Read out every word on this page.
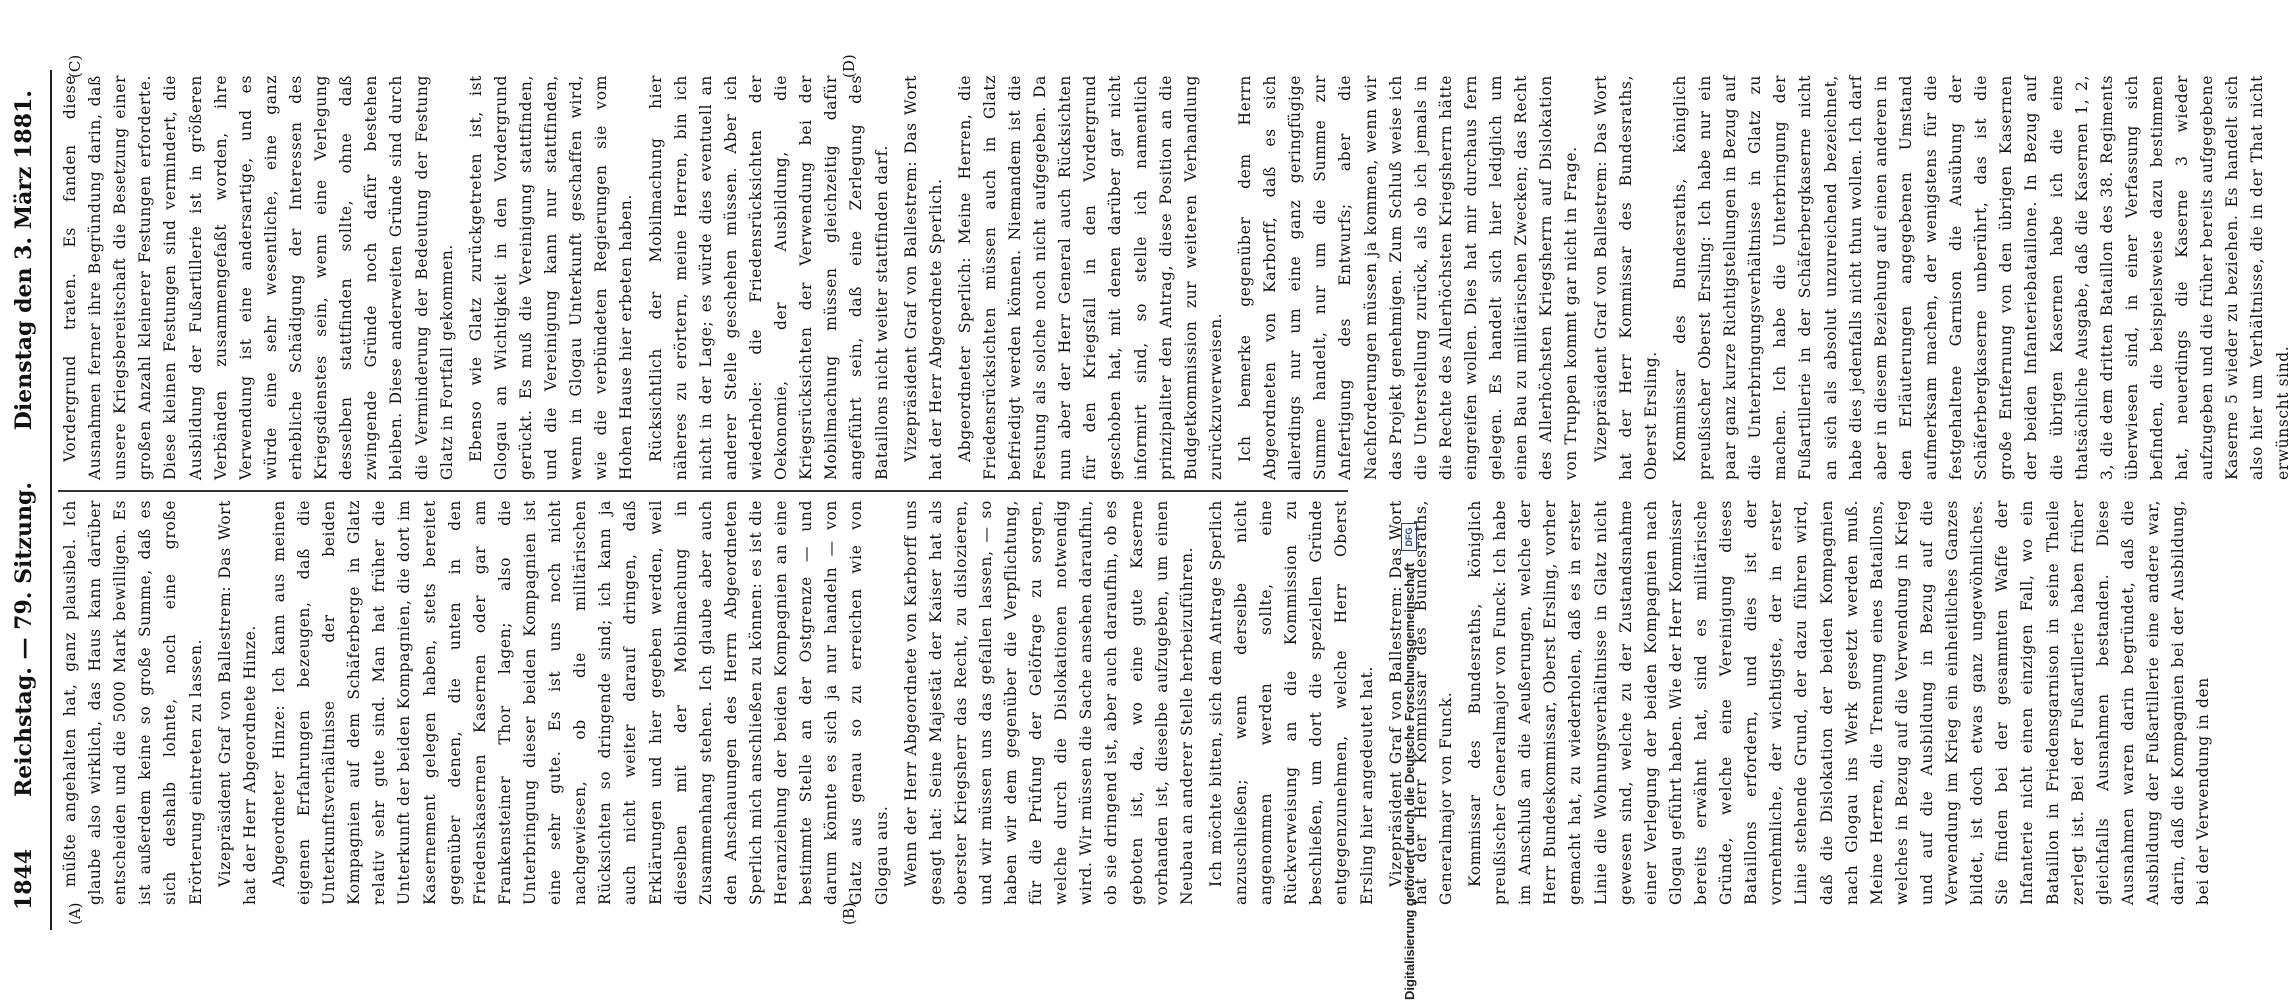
1844
Reichstag. — 79. Sitzung.
Dienstag den 3. März 1881.
(A)	(B)
(C)	(D)

müßte angehalten hat, ganz plausibel. Ich glaube also wirklich, das Haus kann darüber entscheiden und die 5000 Mark bewilligen. Es ist außerdem keine so große Summe, daß es sich deshalb lohnte, noch eine große Erörterung eintreten zu lassen. Vizepräsident Graf von Ballestrem: Das Wort hat der Herr Abgeordnete Hinze. Abgeordneter Hinze: Ich kann aus meinen eigenen Erfahrungen bezeugen, daß die Unterkunftsverhältnisse der beiden Kompagnien auf dem Schäferberge in Glatz relativ sehr gute sind. Man hat früher die Unterkunft der beiden Kompagnien, die dort im Kasernement gelegen haben, stets bereitet gegenüber denen, die unten in den Friedenskasernen Kasernen oder gar am Frankensteiner Thor lagen; also die Unterbringung dieser beiden Kompagnien ist eine sehr gute. Es ist uns noch nicht nachgewiesen, ob die militärischen Rücksichten so dringende sind; ich kann ja auch nicht weiter darauf dringen, daß Erklärungen und hier gegeben werden, weil dieselben mit der Mobilmachung in Zusammenhang stehen. Ich glaube aber auch den Anschauungen des Herrn Abgeordneten Sperlich mich anschließen zu können: es ist die Heranziehung der beiden Kompagnien an eine bestimmte Stelle an der Ostgrenze — und darum könnte es sich ja nur handeln — von Glatz aus genau so zu erreichen wie von Glogau aus. Wenn der Herr Abgeordnete von Karborff uns gesagt hat: Seine Majestät der Kaiser hat als oberster Kriegsherr das Recht, zu dislozieren, und wir müssen uns das gefallen lassen, — so haben wir dem gegenüber die Verpflichtung, für die Prüfung der Gelöfrage zu sorgen, welche durch die Dislokationen notwendig wird. Wir müssen die Sache ansehen daraufhin, ob sie dringend ist, aber auch daraufhin, ob es geboten ist, da, wo eine gute Kaserne vorhanden ist, dieselbe aufzugeben, um einen Neubau an anderer Stelle herbeizuführen. Ich möchte bitten, sich dem Antrage Sperlich anzuschließen; wenn derselbe nicht angenommen werden sollte, eine Rückverweisung an die Kommission zu beschließen, um dort die speziellen Gründe entgegenzunehmen, welche Herr Oberst Ersling hier angedeutet hat. Vizepräsident Graf von Ballestrem: Das Wort hat der Herr Kommissar des Bundesraths, Generalmajor von Funck. Kommissar des Bundesraths, königlich preußischer Generalmajor von Funck: Ich habe im Anschluß an die Aeußerungen, welche der Herr Bundeskommissar, Oberst Ersling, vorher gemacht hat, zu wiederholen, daß es in erster Linie die Wohnungsverhältnisse in Glatz nicht gewesen sind, welche zu der Zustandsnahme einer Verlegung der beiden Kompagnien nach Glogau geführt haben. Wie der Herr Kommissar bereits erwähnt hat, sind es militärische Gründe, welche eine Vereinigung dieses Bataillons erfordern, und dies ist der vornehmliche, der wichtigste, der in erster Linie stehende Grund, der dazu führen wird, daß die Dislokation der beiden Kompagnien nach Glogau ins Werk gesetzt werden muß. Meine Herren, die Trennung eines Bataillons, welches in Bezug auf die Verwendung in Krieg und auf die Ausbildung in Bezug auf die Verwendung im Krieg ein einheitliches Ganzes bildet, ist doch etwas ganz ungewöhnliches. Sie finden bei der gesammten Waffe der Infanterie nicht einen einzigen Fall, wo ein Bataillon in Friedensgarnison in seine Theile zerlegt ist. Bei der Fußartillerie haben früher gleichfalls Ausnahmen bestanden. Diese Ausnahmen waren darin begründet, daß die Ausbildung der Fußartillerie eine andere war, darin, daß die Kompagnien bei der Ausbildung, bei der Verwendung in den

Vordergrund traten. Es fanden diese Ausnahmen ferner ihre Begründung darin, daß unsere Kriegsbereitschaft die Besetzung einer großen Anzahl kleinerer Festungen erforderte. Diese kleinen Festungen sind vermindert, die Ausbildung der Fußartillerie ist in größeren Verbänden zusammengefaßt worden, ihre Verwendung ist eine andersartige, und es würde eine sehr wesentliche, eine ganz erhebliche Schädigung der Interessen des Kriegsdienstes sein, wenn eine Verlegung desselben stattfinden sollte, ohne daß zwingende Gründe noch dafür bestehen bleiben. Diese anderweiten Gründe sind durch die Verminderung der Bedeutung der Festung Glatz in Fortfall gekommen. Ebenso wie Glatz zurückgetreten ist, ist Glogau an Wichtigkeit in den Vordergrund gerückt. Es muß die Vereinigung stattfinden, und die Vereinigung kann nur stattfinden, wenn in Glogau Unterkunft geschaffen wird, wie die verbündeten Regierungen sie vom Hohen Hause hier erbeten haben. Rücksichtlich der Mobilmachung hier näheres zu erörtern, meine Herren, bin ich nicht in der Lage; es würde dies eventuell an anderer Stelle geschehen müssen. Aber ich wiederhole: die Friedensrücksichten der Oekonomie, der Ausbildung, die Kriegsrücksichten der Verwendung bei der Mobilmachung müssen gleichzeitig dafür angeführt sein, daß eine Zerlegung des Bataillons nicht weiter stattfinden darf. Vizepräsident Graf von Ballestrem: Das Wort hat der Herr Abgeordnete Sperlich. Abgeordneter Sperlich: Meine Herren, die Friedensrücksichten müssen auch in Glatz befriedigt werden können. Niemandem ist die Festung als solche noch nicht aufgegeben. Da nun aber der Herr General auch Rücksichten für den Kriegsfall in den Vordergrund geschoben hat, mit denen darüber gar nicht informirt sind, so stelle ich namentlich prinzipaliter den Antrag, diese Position an die Budgetkommission zur weiteren Verhandlung zurückzuverweisen. Ich bemerke gegenüber dem Herrn Abgeordneten von Karborff, daß es sich allerdings nur um eine ganz geringfügige Summe handelt, nur um die Summe zur Anfertigung des Entwurfs; aber die Nachforderungen müssen ja kommen, wenn wir das Projekt genehmigen. Zum Schluß weise ich die Unterstellung zurück, als ob ich jemals in die Rechte des Allerhöchsten Kriegsherrn hätte eingreifen wollen. Dies hat mir durchaus fern gelegen. Es handelt sich hier lediglich um einen Bau zu militärischen Zwecken; das Recht des Allerhöchsten Kriegsherrn auf Dislokation von Truppen kommt gar nicht in Frage. Vizepräsident Graf von Ballestrem: Das Wort hat der Herr Kommissar des Bundesraths, Oberst Ersling. Kommissar des Bundesraths, königlich preußischer Oberst Ersling: Ich habe nur ein paar ganz kurze Richtigstellungen in Bezug auf die Unterbringungsverhältnisse in Glatz zu machen. Ich habe die Unterbringung der Fußartillerie in der Schäferbergkaserne nicht an sich als absolut unzureichend bezeichnet, habe dies jedenfalls nicht thun wollen. Ich darf aber in diesem Beziehung auf einen anderen in den Erläuterungen angegebenen Umstand aufmerksam machen, der wenigstens für die festgehaltene Garnison die Ausübung der Schäferbergkaserne unberührt, das ist die große Entfernung von den übrigen Kasernen der beiden Infanteriebataillone. In Bezug auf die übrigen Kasernen habe ich die eine thatsächliche Ausgabe, daß die Kasernen 1, 2, 3, die dem dritten Bataillon des 38. Regiments überwiesen sind, in einer Verfassung sich befinden, die beispielsweise dazu bestimmen hat, neuerdings die Kaserne 3 wieder aufzugeben und die früher bereits aufgegebene Kaserne 5 wieder zu beziehen. Es handelt sich also hier um Verhältnisse, die in der That nicht erwünscht sind.

Digitalisierung gefördert durch die Deutsche Forschungsgemeinschaft
DFG
